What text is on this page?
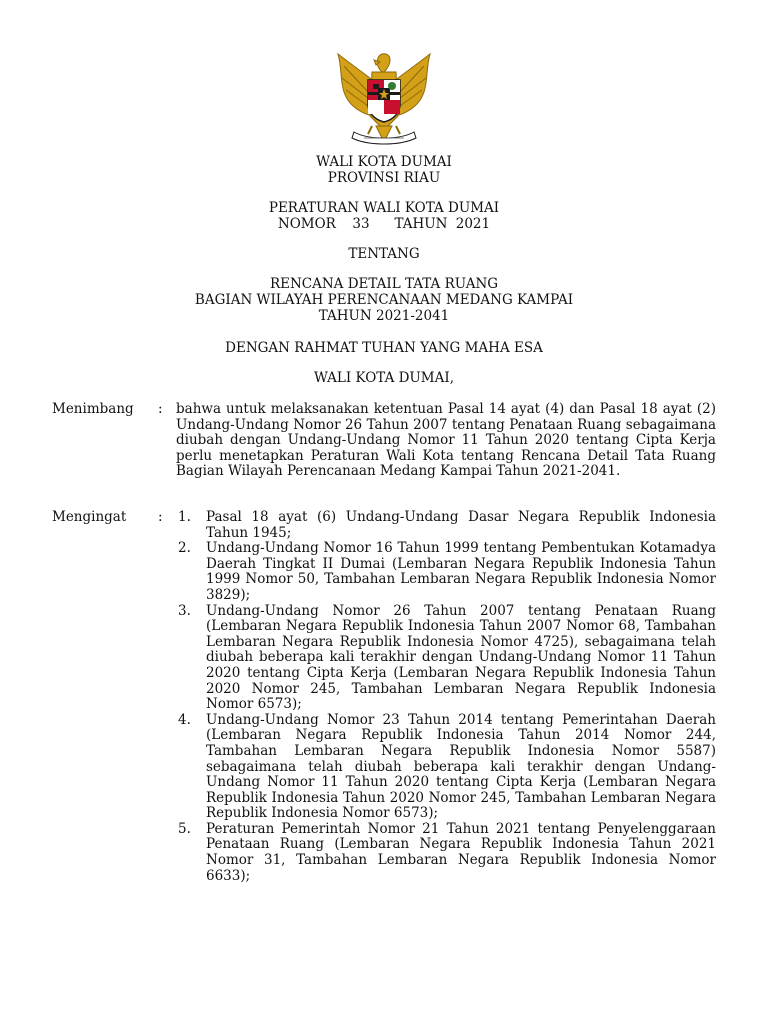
WALI KOTA DUMAI
PROVINSI RIAU
PERATURAN WALI KOTA DUMAI
NOMOR  33   TAHUN 2021
TENTANG
RENCANA DETAIL TATA RUANG
BAGIAN WILAYAH PERENCANAAN MEDANG KAMPAI
TAHUN 2021-2041
DENGAN RAHMAT TUHAN YANG MAHA ESA
WALI KOTA DUMAI,
Menimbang : bahwa untuk melaksanakan ketentuan Pasal 14 ayat (4) dan Pasal 18 ayat (2) Undang-Undang Nomor 26 Tahun 2007 tentang Penataan Ruang sebagaimana diubah dengan Undang-Undang Nomor 11 Tahun 2020 tentang Cipta Kerja perlu menetapkan Peraturan Wali Kota tentang Rencana Detail Tata Ruang Bagian Wilayah Perencanaan Medang Kampai Tahun 2021-2041.
Mengingat : 1. Pasal 18 ayat (6) Undang-Undang Dasar Negara Republik Indonesia Tahun 1945;
2. Undang-Undang Nomor 16 Tahun 1999 tentang Pembentukan Kotamadya Daerah Tingkat II Dumai (Lembaran Negara Republik Indonesia Tahun 1999 Nomor 50, Tambahan Lembaran Negara Republik Indonesia Nomor 3829);
3. Undang-Undang Nomor 26 Tahun 2007 tentang Penataan Ruang (Lembaran Negara Republik Indonesia Tahun 2007 Nomor 68, Tambahan Lembaran Negara Republik Indonesia Nomor 4725), sebagaimana telah diubah beberapa kali terakhir dengan Undang-Undang Nomor 11 Tahun 2020 tentang Cipta Kerja (Lembaran Negara Republik Indonesia Tahun 2020 Nomor 245, Tambahan Lembaran Negara Republik Indonesia Nomor 6573);
4. Undang-Undang Nomor 23 Tahun 2014 tentang Pemerintahan Daerah (Lembaran Negara Republik Indonesia Tahun 2014 Nomor 244, Tambahan Lembaran Negara Republik Indonesia Nomor 5587) sebagaimana telah diubah beberapa kali terakhir dengan Undang-Undang Nomor 11 Tahun 2020 tentang Cipta Kerja (Lembaran Negara Republik Indonesia Tahun 2020 Nomor 245, Tambahan Lembaran Negara Republik Indonesia Nomor 6573);
5. Peraturan Pemerintah Nomor 21 Tahun 2021 tentang Penyelenggaraan Penataan Ruang (Lembaran Negara Republik Indonesia Tahun 2021 Nomor 31, Tambahan Lembaran Negara Republik Indonesia Nomor 6633);
